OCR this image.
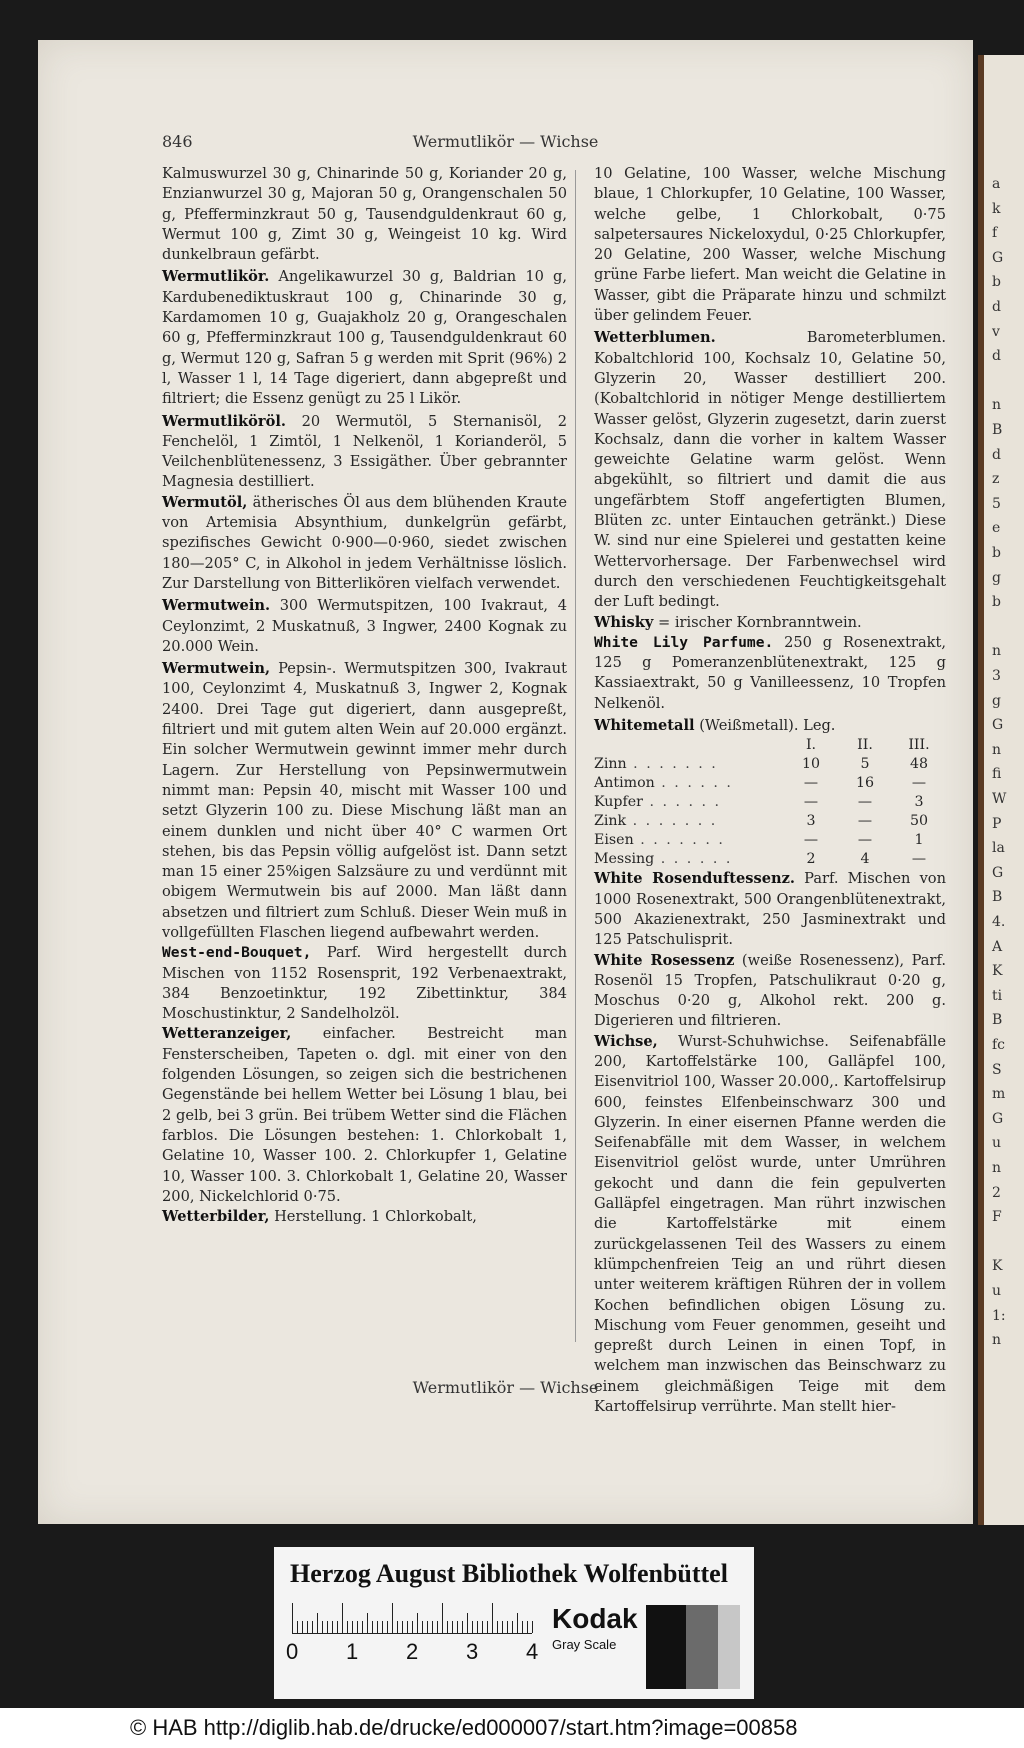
a
k
f
G
b
d
v
d
n
B
d
z
5
e
b
g
b
n
3
g
G
n
fi
W
P
la
G
B
4.
A
K
ti
B
fc
S
m
G
u
n
2
F
K
u
1:
n
846	Wermutlikör — Wichse

Kalmuswurzel 30 g, Chinarinde 50 g, Koriander 20 g, Enzianwurzel 30 g, Majoran 50 g, Orangenschalen 50 g, Pfefferminzkraut 50 g, Tausendguldenkraut 60 g, Wermut 100 g, Zimt 30 g, Weingeist 10 kg. Wird dunkelbraun gefärbt.

Wermutlikör. Angelikawurzel 30 g, Baldrian 10 g, Kardubenediktuskraut 100 g, Chinarinde 30 g, Kardamomen 10 g, Guajakholz 20 g, Orangeschalen 60 g, Pfefferminzkraut 100 g, Tausendguldenkraut 60 g, Wermut 120 g, Safran 5 g werden mit Sprit (96%) 2 l, Wasser 1 l, 14 Tage digeriert, dann abgepreßt und filtriert; die Essenz genügt zu 25 l Likör.

Wermutliköröl. 20 Wermutöl, 5 Sternanisöl, 2 Fenchelöl, 1 Zimtöl, 1 Nelkenöl, 1 Korianderöl, 5 Veilchenblütenessenz, 3 Essigäther. Über gebrannter Magnesia destilliert.

Wermutöl, ätherisches Öl aus dem blühenden Kraute von Artemisia Absynthium, dunkelgrün gefärbt, spezifisches Gewicht 0·900—0·960, siedet zwischen 180—205° C, in Alkohol in jedem Verhältnisse löslich. Zur Darstellung von Bitterlikören vielfach verwendet.

Wermutwein. 300 Wermutspitzen, 100 Ivakraut, 4 Ceylonzimt, 2 Muskatnuß, 3 Ingwer, 2400 Kognak zu 20.000 Wein.

Wermutwein, Pepsin-. Wermutspitzen 300, Ivakraut 100, Ceylonzimt 4, Muskatnuß 3, Ingwer 2, Kognak 2400. Drei Tage gut digeriert, dann ausgepreßt, filtriert und mit gutem alten Wein auf 20.000 ergänzt. Ein solcher Wermutwein gewinnt immer mehr durch Lagern. Zur Herstellung von Pepsinwermutwein nimmt man: Pepsin 40, mischt mit Wasser 100 und setzt Glyzerin 100 zu. Diese Mischung läßt man an einem dunklen und nicht über 40° C warmen Ort stehen, bis das Pepsin völlig aufgelöst ist. Dann setzt man 15 einer 25%igen Salzsäure zu und verdünnt mit obigem Wermutwein bis auf 2000. Man läßt dann absetzen und filtriert zum Schluß. Dieser Wein muß in vollgefüllten Flaschen liegend aufbewahrt werden.

West-end-Bouquet, Parf. Wird hergestellt durch Mischen von 1152 Rosensprit, 192 Verbenaextrakt, 384 Benzoetinktur, 192 Zibettinktur, 384 Moschustinktur, 2 Sandelholzöl.

Wetteranzeiger, einfacher. Bestreicht man Fensterscheiben, Tapeten o. dgl. mit einer von den folgenden Lösungen, so zeigen sich die bestrichenen Gegenstände bei hellem Wetter bei Lösung 1 blau, bei 2 gelb, bei 3 grün. Bei trübem Wetter sind die Flächen farblos. Die Lösungen bestehen: 1. Chlorkobalt 1, Gelatine 10, Wasser 100. 2. Chlorkupfer 1, Gelatine 10, Wasser 100. 3. Chlorkobalt 1, Gelatine 20, Wasser 200, Nickelchlorid 0·75.

Wetterbilder, Herstellung. 1 Chlorkobalt,

10 Gelatine, 100 Wasser, welche Mischung blaue, 1 Chlorkupfer, 10 Gelatine, 100 Wasser, welche gelbe, 1 Chlorkobalt, 0·75 salpetersaures Nickeloxydul, 0·25 Chlorkupfer, 20 Gelatine, 200 Wasser, welche Mischung grüne Farbe liefert. Man weicht die Gelatine in Wasser, gibt die Präparate hinzu und schmilzt über gelindem Feuer.

Wetterblumen. Barometerblumen. Kobaltchlorid 100, Kochsalz 10, Gelatine 50, Glyzerin 20, Wasser destilliert 200. (Kobaltchlorid in nötiger Menge destilliertem Wasser gelöst, Glyzerin zugesetzt, darin zuerst Kochsalz, dann die vorher in kaltem Wasser geweichte Gelatine warm gelöst. Wenn abgekühlt, so filtriert und damit die aus ungefärbtem Stoff angefertigten Blumen, Blüten zc. unter Eintauchen getränkt.) Diese W. sind nur eine Spielerei und gestatten keine Wettervorhersage. Der Farbenwechsel wird durch den verschiedenen Feuchtigkeitsgehalt der Luft bedingt.

Whisky = irischer Kornbranntwein.

White Lily Parfume. 250 g Rosenextrakt, 125 g Pomeranzenblütenextrakt, 125 g Kassiaextrakt, 50 g Vanilleessenz, 10 Tropfen Nelkenöl.

Whitemetall (Weißmetall). Leg.

	I.	II.	III.
Zinn . . . . . . .	10	5	48
Antimon . . . . . .	—	16	—
Kupfer . . . . . .	—	—	3
Zink . . . . . . .	3	—	50
Eisen . . . . . . .	—	—	1
Messing . . . . . .	2	4	—

White Rosenduftessenz. Parf. Mischen von 1000 Rosenextrakt, 500 Orangenblütenextrakt, 500 Akazienextrakt, 250 Jasminextrakt und 125 Patschulisprit.

White Rosessenz (weiße Rosenessenz), Parf. Rosenöl 15 Tropfen, Patschulikraut 0·20 g, Moschus 0·20 g, Alkohol rekt. 200 g. Digerieren und filtrieren.

Wichse, Wurst-Schuhwichse. Seifenabfälle 200, Kartoffelstärke 100, Galläpfel 100, Eisenvitriol 100, Wasser 20.000,. Kartoffelsirup 600, feinstes Elfenbeinschwarz 300 und Glyzerin. In einer eisernen Pfanne werden die Seifenabfälle mit dem Wasser, in welchem Eisenvitriol gelöst wurde, unter Umrühren gekocht und dann die fein gepulverten Galläpfel eingetragen. Man rührt inzwischen die Kartoffelstärke mit einem zurückgelassenen Teil des Wassers zu einem klümpchenfreien Teig an und rührt diesen unter weiterem kräftigen Rühren der in vollem Kochen befindlichen obigen Lösung zu. Mischung vom Feuer genommen, geseiht und gepreßt durch Leinen in einen Topf, in welchem man inzwischen das Beinschwarz zu einem gleichmäßigen Teige mit dem Kartoffelsirup verrührte. Man stellt hier-

Wermutlikör — Wichse
Herzog August Bibliothek Wolfenbüttel
0 1 2 3 4
Kodak
Gray Scale
© HAB http://diglib.hab.de/drucke/ed000007/start.htm?image=00858
